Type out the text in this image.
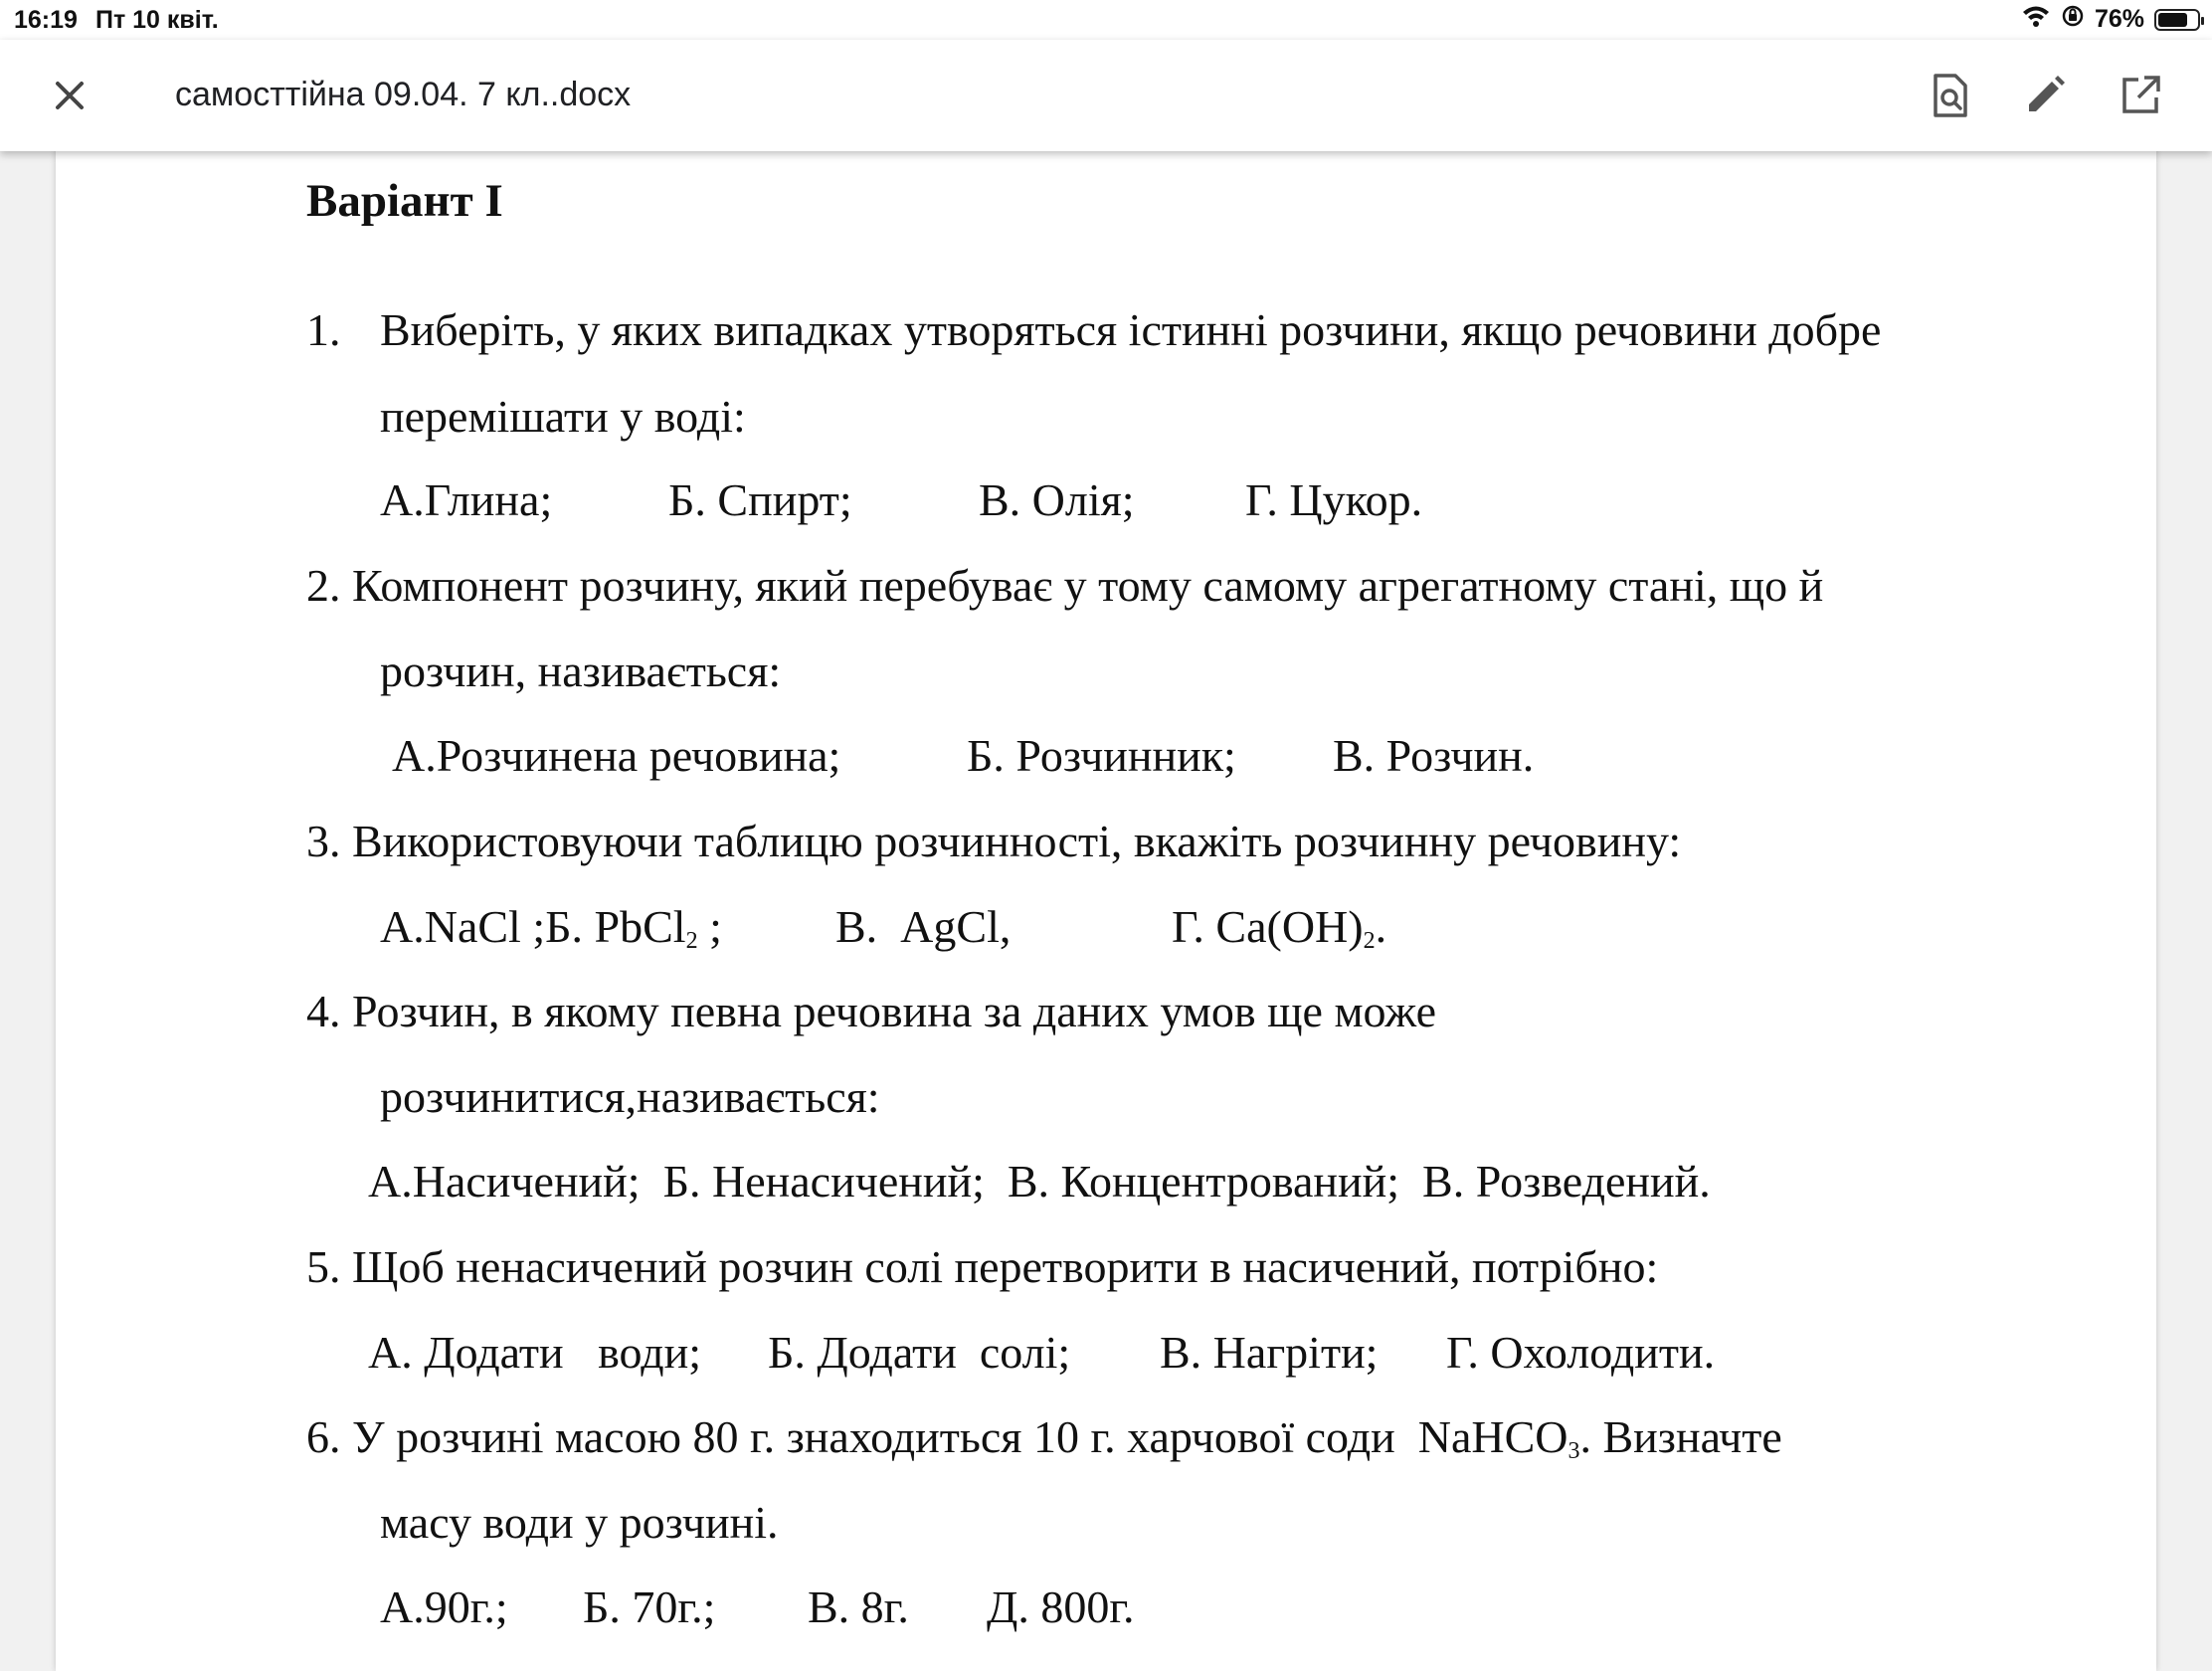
16:19 Пт 10 квіт.	76%
самосттійна 09.04. 7 кл..docx
Варіант I
1. Виберіть, у яких випадках утворяться істинні розчини, якщо речовини добре
перемішати у воді:
А.Глина;	Б. Спирт;	В. Олія; Г. Цукор.
2. Компонент розчину, який перебуває у тому самому агрегатному стані, що й
розчин, називається:
А.Розчинена речовина;	Б. Розчинник; В. Розчин.
3. Використовуючи таблицю розчинності, вкажіть розчинну речовину:
А.NaCl ;Б. PbCl$_2$ ; В.  AgCl,	Г. $Ca(OH)_2$.
4. Розчин, в якому певна речовина за даних умов ще може
розчинитися,називається:
А.Насичений;  Б. Ненасичений;  В. Концентрований;  В. Розведений.
5. Щоб ненасичений розчин солі перетворити в насичений, потрібно:
А. Додати   води; Б. Додати  солі; В. Нагріти; Г. Охолодити.
6. У розчині масою 80 г. знаходиться 10 г. харчової соди  NaHCO$_3$. Визначте
масу води у розчині.
А.90г.; Б. 70г.; В. 8г. Д. 800г.
